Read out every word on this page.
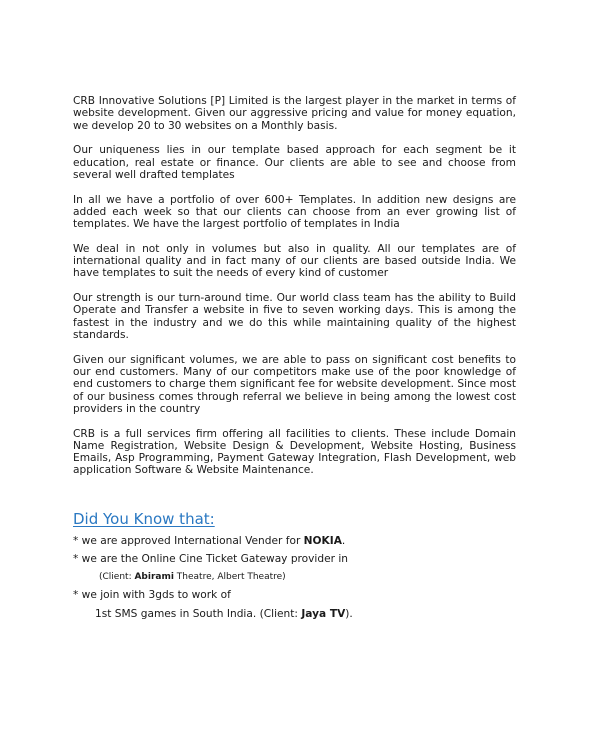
CRB Innovative Solutions [P] Limited is the largest player in the market in terms of website development. Given our aggressive pricing and value for money equation, we develop 20 to 30 websites on a Monthly basis.

Our uniqueness lies in our template based approach for each segment be it education, real estate or finance. Our clients are able to see and choose from several well drafted templates

In all we have a portfolio of over 600+ Templates. In addition new designs are added each week so that our clients can choose from an ever growing list of templates. We have the largest portfolio of templates in India

We deal in not only in volumes but also in quality. All our templates are of international quality and in fact many of our clients are based outside India. We have templates to suit the needs of every kind of customer

Our strength is our turn-around time. Our world class team has the ability to Build Operate and Transfer a website in five to seven working days. This is among the fastest in the industry and we do this while maintaining quality of the highest standards.

Given our significant volumes, we are able to pass on significant cost benefits to our end customers. Many of our competitors make use of the poor knowledge of end customers to charge them significant fee for website development. Since most of our business comes through referral we believe in being among the lowest cost providers in the country

CRB is a full services firm offering all facilities to clients. These include Domain Name Registration, Website Design & Development, Website Hosting, Business Emails, Asp Programming, Payment Gateway Integration, Flash Development, web application Software & Website Maintenance.

Did You Know that:
* we are approved International Vender for NOKIA.
* we are the Online Cine Ticket Gateway provider in
(Client: Abirami Theatre, Albert Theatre)
* we join with 3gds to work of
1st SMS games in South India. (Client: Jaya TV).
